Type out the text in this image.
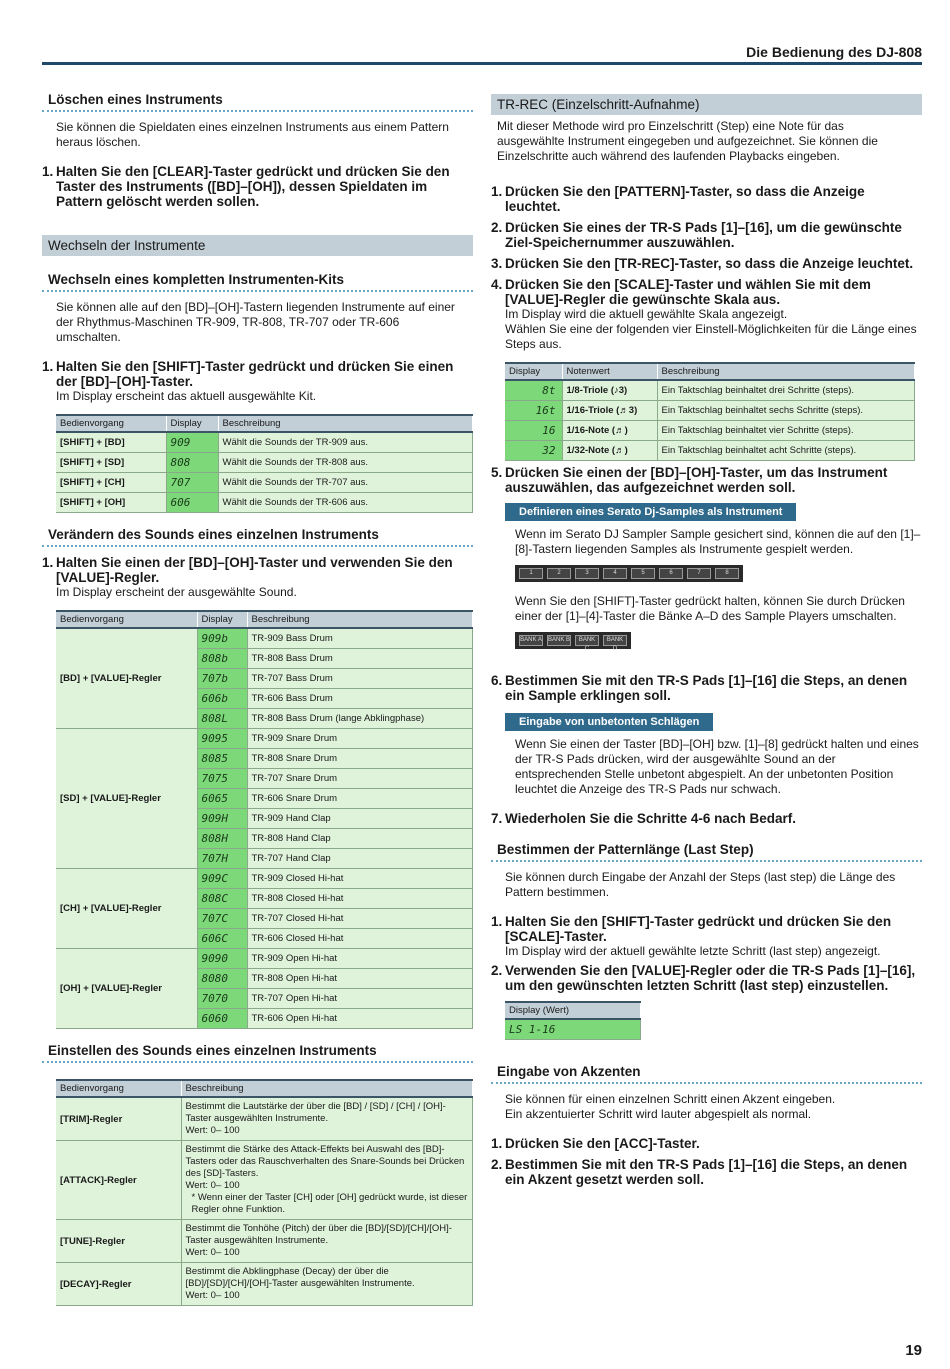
Die Bedienung des DJ-808
Löschen eines Instruments
Sie können die Spieldaten eines einzelnen Instruments aus einem Pattern heraus löschen.
1. Halten Sie den [CLEAR]-Taster gedrückt und drücken Sie den Taster des Instruments ([BD]–[OH]), dessen Spieldaten im Pattern gelöscht werden sollen.
Wechseln der Instrumente
Wechseln eines kompletten Instrumenten-Kits
Sie können alle auf den [BD]–[OH]-Tastern liegenden Instrumente auf einer der Rhythmus-Maschinen TR-909, TR-808, TR-707 oder TR-606 umschalten.
1. Halten Sie den [SHIFT]-Taster gedrückt und drücken Sie einen der [BD]–[OH]-Taster.
Im Display erscheint das aktuell ausgewählte Kit.
Bedienvorgang	Display	Beschreibung
[SHIFT] + [BD]	909	Wählt die Sounds der TR-909 aus.
[SHIFT] + [SD]	808	Wählt die Sounds der TR-808 aus.
[SHIFT] + [CH]	707	Wählt die Sounds der TR-707 aus.
[SHIFT] + [OH]	606	Wählt die Sounds der TR-606 aus.
Verändern des Sounds eines einzelnen Instruments
1. Halten Sie einen der [BD]–[OH]-Taster und verwenden Sie den [VALUE]-Regler.
Im Display erscheint der ausgewählte Sound.
Bedienvorgang	Display	Beschreibung
[BD] + [VALUE]-Regler	909b	TR-909 Bass Drum
	808b	TR-808 Bass Drum
	707b	TR-707 Bass Drum
	606b	TR-606 Bass Drum
	808L	TR-808 Bass Drum (lange Abklingphase)
[SD] + [VALUE]-Regler	9095	TR-909 Snare Drum
	8085	TR-808 Snare Drum
	7075	TR-707 Snare Drum
	6065	TR-606 Snare Drum
	909H	TR-909 Hand Clap
	808H	TR-808 Hand Clap
	707H	TR-707 Hand Clap
[CH] + [VALUE]-Regler	909C	TR-909 Closed Hi-hat
	808C	TR-808 Closed Hi-hat
	707C	TR-707 Closed Hi-hat
	606C	TR-606 Closed Hi-hat
[OH] + [VALUE]-Regler	9090	TR-909 Open Hi-hat
	8080	TR-808 Open Hi-hat
	7070	TR-707 Open Hi-hat
	6060	TR-606 Open Hi-hat
Einstellen des Sounds eines einzelnen Instruments
Bedienvorgang	Beschreibung
[TRIM]-Regler	Bestimmt die Lautstärke der über die [BD] / [SD] / [CH] / [OH]-Taster ausgewählten Instrumente.
Wert: 0– 100

[ATTACK]-Regler	Bestimmt die Stärke des Attack-Effekts bei Auswahl des [BD]-Tasters oder das Rauschverhalten des Snare-Sounds bei Drücken des [SD]-Tasters.
Wert: 0– 100
* Wenn einer der Taster [CH] oder [OH] gedrückt wurde, ist dieser Regler ohne Funktion.

[TUNE]-Regler	Bestimmt die Tonhöhe (Pitch) der über die [BD]/[SD]/[CH]/[OH]-Taster ausgewählten Instrumente.
Wert: 0– 100

[DECAY]-Regler	Bestimmt die Abklingphase (Decay) der über die [BD]/[SD]/[CH]/[OH]-Taster ausgewählten Instrumente.
Wert: 0– 100
TR-REC (Einzelschritt-Aufnahme)
Mit dieser Methode wird pro Einzelschritt (Step) eine Note für das ausgewählte Instrument eingegeben und aufgezeichnet. Sie können die Einzelschritte auch während des laufenden Playbacks eingeben.
1. Drücken Sie den [PATTERN]-Taster, so dass die Anzeige leuchtet.
2. Drücken Sie eines der TR-S Pads [1]–[16], um die gewünschte Ziel-Speichernummer auszuwählen.
3. Drücken Sie den [TR-REC]-Taster, so dass die Anzeige leuchtet.
4. Drücken Sie den [SCALE]-Taster und wählen Sie mit dem [VALUE]-Regler die gewünschte Skala aus.
Im Display wird die aktuell gewählte Skala angezeigt.
Wählen Sie eine der folgenden vier Einstell-Möglichkeiten für die Länge eines Steps aus.
Display	Notenwert	Beschreibung
8t	1/8-Triole (♪3)	Ein Taktschlag beinhaltet drei Schritte (steps).
16t	1/16-Triole (♬3)	Ein Taktschlag beinhaltet sechs Schritte (steps).
16	1/16-Note (♬)	Ein Taktschlag beinhaltet vier Schritte (steps).
32	1/32-Note (♬)	Ein Taktschlag beinhaltet acht Schritte (steps).
5. Drücken Sie einen der [BD]–[OH]-Taster, um das Instrument auszuwählen, das aufgezeichnet werden soll.
Definieren eines Serato Dj-Samples als Instrument
Wenn im Serato DJ Sampler Sample gesichert sind, können die auf den [1]–[8]-Tastern liegenden Samples als Instrumente gespielt werden.
1	2	3	4	5	6	7	8
Wenn Sie den [SHIFT]-Taster gedrückt halten, können Sie durch Drücken einer der [1]–[4]-Taster die Bänke A–D des Sample Players umschalten.
BANK A BANK B	BANK C
BANK D
6. Bestimmen Sie mit den TR-S Pads [1]–[16] die Steps, an denen ein Sample erklingen soll.
Eingabe von unbetonten Schlägen
Wenn Sie einen der Taster [BD]–[OH] bzw. [1]–[8] gedrückt halten und eines der TR-S Pads drücken, wird der ausgewählte Sound an der entsprechenden Stelle unbetont abgespielt. An der unbetonten Position leuchtet die Anzeige des TR-S Pads nur schwach.
7. Wiederholen Sie die Schritte 4-6 nach Bedarf.
Bestimmen der Patternlänge (Last Step)
Sie können durch Eingabe der Anzahl der Steps (last step) die Länge des Pattern bestimmen.
1. Halten Sie den [SHIFT]-Taster gedrückt und drücken Sie den [SCALE]-Taster.
Im Display wird der aktuell gewählte letzte Schritt (last step) angezeigt.
2. Verwenden Sie den [VALUE]-Regler oder die TR-S Pads [1]–[16], um den gewünschten letzten Schritt (last step) einzustellen.
Display (Wert)
LS 1-16
Eingabe von Akzenten
Sie können für einen einzelnen Schritt einen Akzent eingeben.
Ein akzentuierter Schritt wird lauter abgespielt als normal.
1. Drücken Sie den [ACC]-Taster.
2. Bestimmen Sie mit den TR-S Pads [1]–[16] die Steps, an denen ein Akzent gesetzt werden soll.
19
